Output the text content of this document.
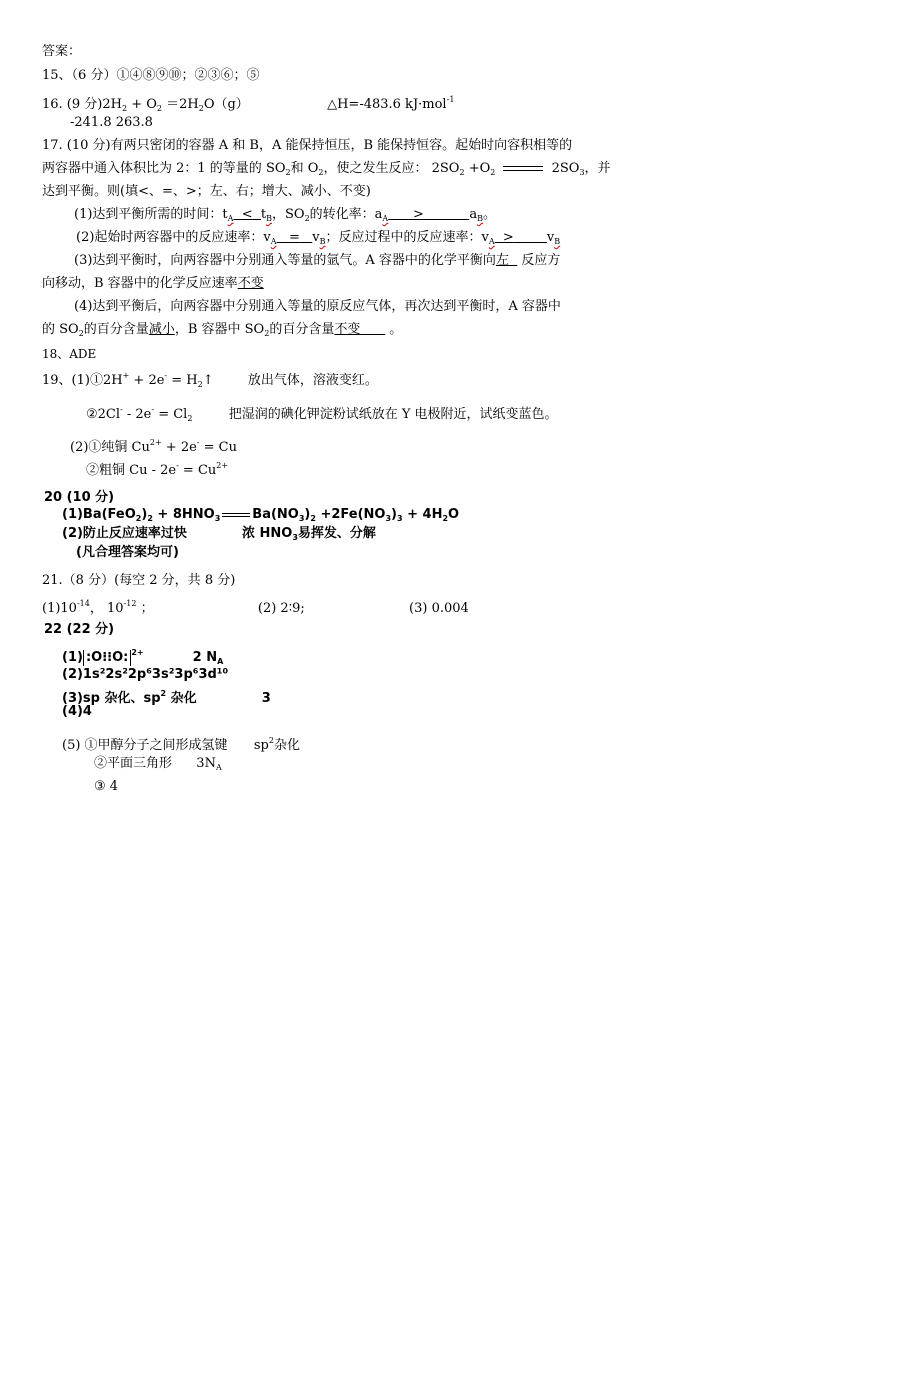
答案：
15、（6 分）①④⑧⑨⑩；②③⑥；⑤
16. (9 分)$2H_2 + O_2 =2H_2O(g)$	△H=-483.6 kJ·mol$^{-1}$
-241.8 263.8
17. (10 分)有两只密闭的容器 A 和 B，A 能保持恒压，B 能保持恒容。起始时向容积相等的
两容器中通入体积比为 2：1 的等量的 $SO_2$和 $O_2$，使之发生反应： $2SO_2 +O_2$	$2SO_3$，并
达到平衡。则(填<、=、>；左、右；增大、减小、不变)
(1)达到平衡所需的时间：$t_A < t_B$，$SO_2$的转化率：$a_A$ >	$a_B$。
(2)起始时两容器中的反应速率：$v_A = v_B$；反应过程中的反应速率：$v_A$ >	$v_B$
(3)达到平衡时，向两容器中分别通入等量的氩气。A 容器中的化学平衡向左 反应方
向移动，B 容器中的化学反应速率不变
(4)达到平衡后，向两容器中分别通入等量的原反应气体，再次达到平衡时，A 容器中
的 $SO_2$的百分含量减小，B 容器中 $SO_2$的百分含量不变 。
18、ADE
19、(1)①2H+ + $2e^- = H_2↑$	放出气体，溶液变红。
②2Cl- - $2e^- = Cl_2$	把湿润的碘化钾淀粉试纸放在 Y 电极附近，试纸变蓝色。
(2)①纯铜 $Cu^{2+} + 2e^- = Cu$
②粗铜 $Cu - 2e^- = Cu^{2+}$
20 (10 分)
$(1)Ba(FeO_2)_2 + 8HNO_3$ $Ba(NO_3)_2 +2Fe(NO_3)_3 + 4H_2O$
(2)防止反应速率过快	浓 $HNO_3$易挥发、分解
(凡合理答案均可)
21.（8 分）(每空 2 分，共 8 分)
$(1)10^{-14}$， $10^{-12}$ ；	(2) 2∶9;	(3) 0.004
22 (22 分)
(1) :O⁝⁝O: $^{2+}$	2 $N_A$
(2)1s²2s²2p⁶3s²3p⁶3d¹⁰
(3)sp 杂化、$sp^2$ 杂化	3
(4)4
(5) ①甲醇分子之间形成氢键 $sp^2$杂化
②平面三角形 $3N_A$
③ 4
